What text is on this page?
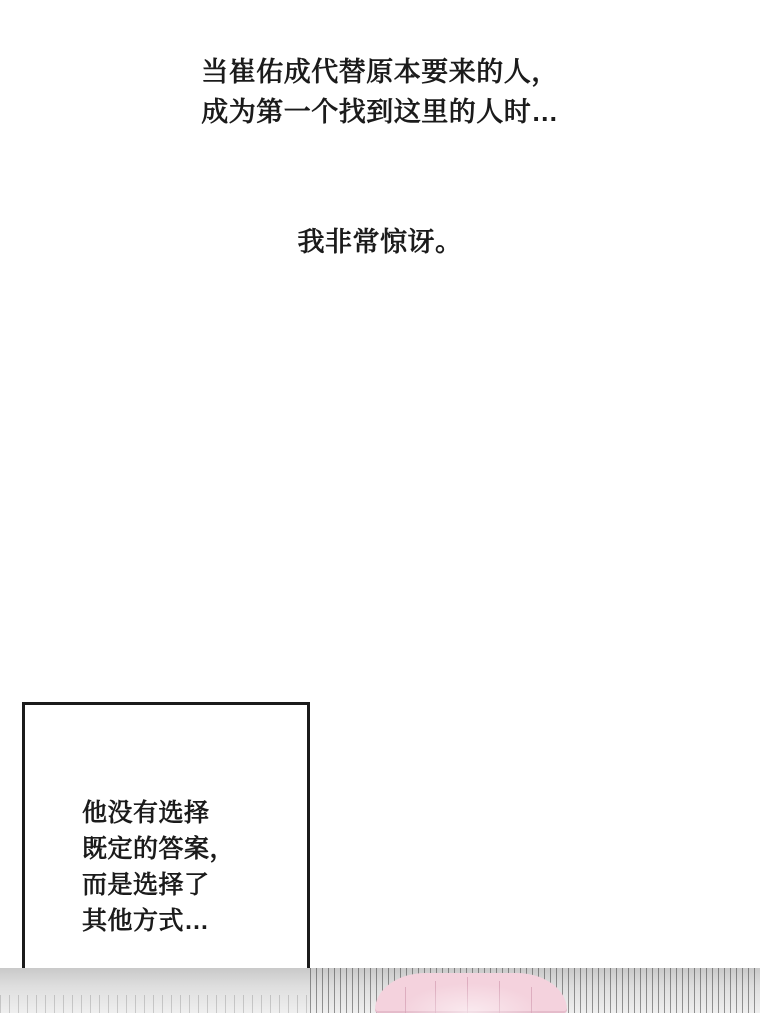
当崔佑成代替原本要来的人，
成为第一个找到这里的人时…
我非常惊讶。
他没有选择
既定的答案，
而是选择了
其他方式…
